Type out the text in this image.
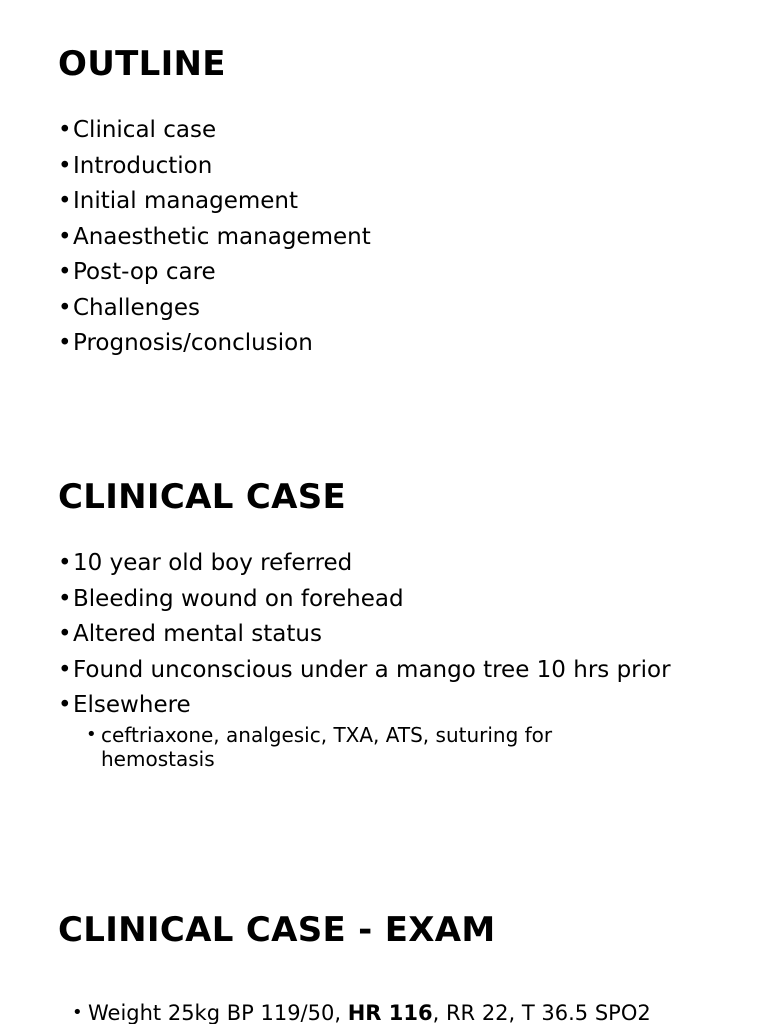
OUTLINE
• Clinical case
• Introduction
• Initial management
• Anaesthetic management
• Post-op care
• Challenges
• Prognosis/conclusion
CLINICAL CASE
• 10 year old boy referred
• Bleeding wound on forehead
• Altered mental status
• Found unconscious under a mango tree 10 hrs prior
• Elsewhere
• ceftriaxone, analgesic, TXA, ATS, suturing for hemostasis
CLINICAL CASE - EXAM
• Weight 25kg BP 119/50, HR 116, RR 22, T 36.5 SPO2
